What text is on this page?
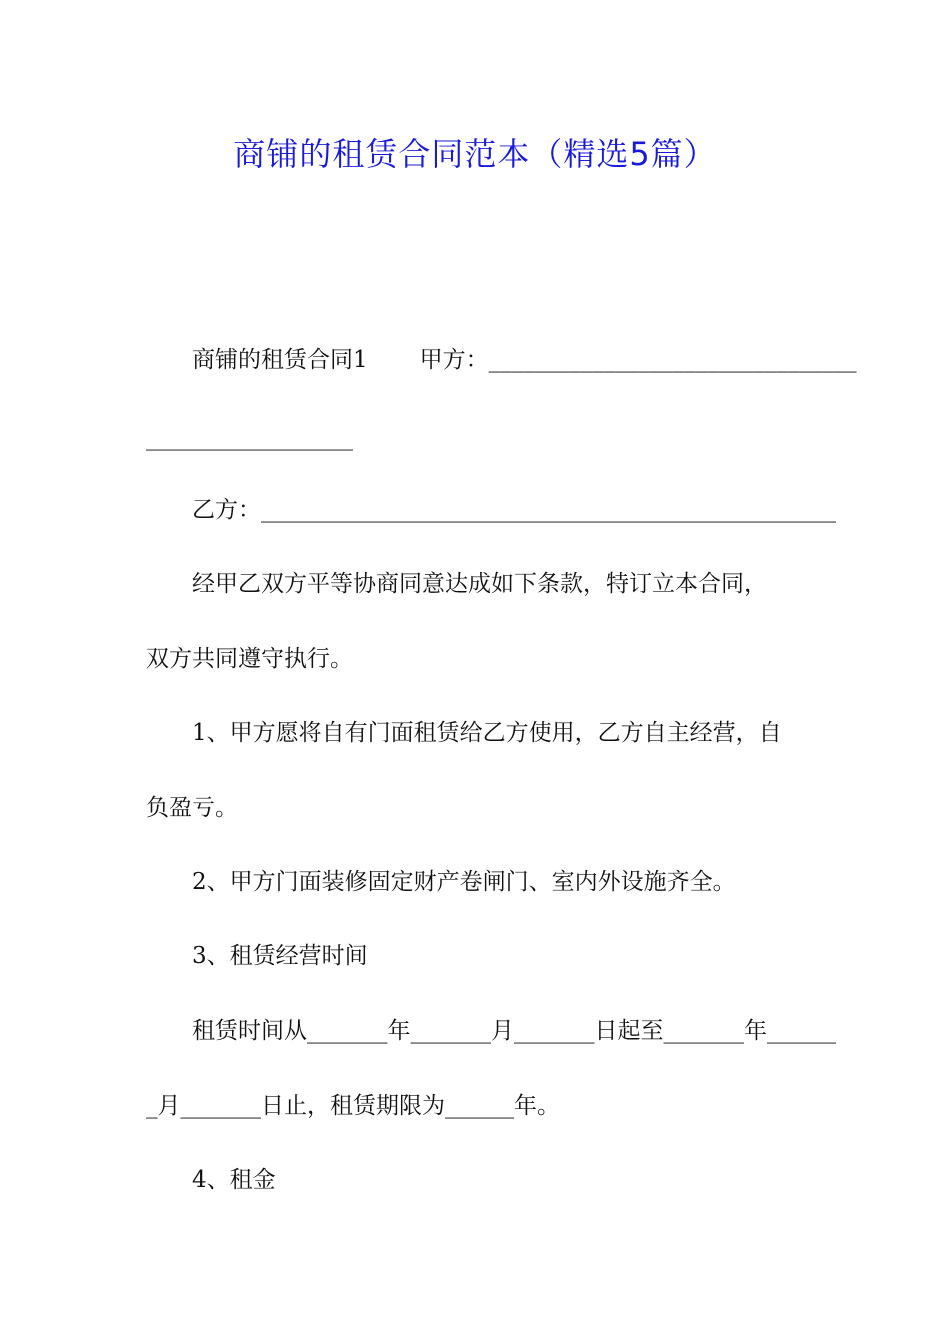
商铺的租赁合同范本（精选5篇）

商铺的租赁合同1 甲方：________________________________

__________________

乙方：__________________________________________________

经甲乙双方平等协商同意达成如下条款，特订立本合同，

双方共同遵守执行。

1、甲方愿将自有门面租赁给乙方使用，乙方自主经营，自

负盈亏。

2、甲方门面装修固定财产卷闸门、室内外设施齐全。

3、租赁经营时间

租赁时间从_______年_______月_______日起至_______年______

_月_______日止，租赁期限为______年。

4、租金
